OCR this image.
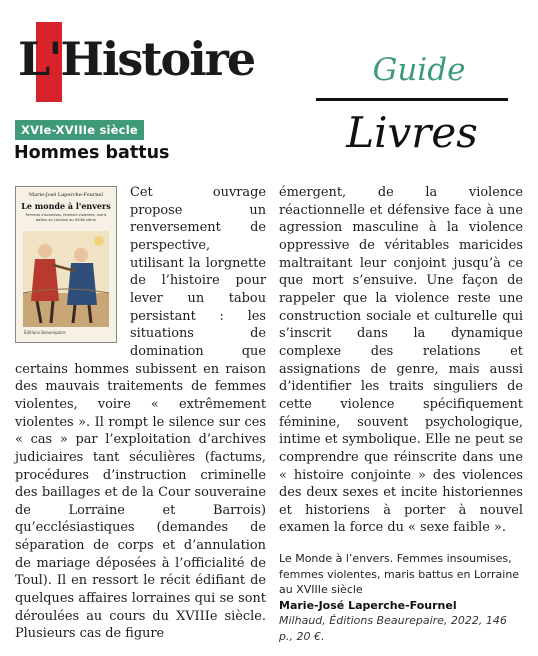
L'Histoire	Guide
Livres
XVIe-XVIIIe siècle
Hommes battus
Marie-José Laperche-Fournel
Le monde à l'envers
Femmes insoumises, femmes violentes, maris battus en Lorraine au XVIIIe siècle
Éditions Beaurepaire

Cet ouvrage propose un renversement de perspective, utilisant la lorgnette de l’histoire pour lever un tabou persistant : les situations de domination que certains hommes subissent en raison des mauvais traitements de femmes violentes, voire « extrêmement violentes ». Il rompt le silence sur ces « cas » par l’exploitation d’archives judiciaires tant séculières (factums, procédures d’instruction criminelle des baillages et de la Cour souveraine de Lorraine et Barrois) qu’ecclésiastiques (demandes de séparation de corps et d’annulation de mariage déposées à l’officialité de Toul). Il en ressort le récit édifiant de quelques affaires lorraines qui se sont déroulées au cours du XVIIIe siècle. Plusieurs cas de figure

émergent, de la violence réactionnelle et défensive face à une agression masculine à la violence oppressive de véritables maricides maltraitant leur conjoint jusqu’à ce que mort s’ensuive. Une façon de rappeler que la violence reste une construction sociale et culturelle qui s’inscrit dans la dynamique complexe des relations et assignations de genre, mais aussi d’identifier les traits singuliers de cette violence spécifiquement féminine, souvent psychologique, intime et symbolique. Elle ne peut se comprendre que réinscrite dans une « histoire conjointe » des violences des deux sexes et incite historiennes et historiens à porter à nouvel examen la force du « sexe faible ».

Le Monde à l’envers. Femmes insoumises, femmes violentes, maris battus en Lorraine au XVIIIe siècle
Marie-José Laperche-Fournel
Milhaud, Éditions Beaurepaire, 2022, 146 p., 20 €.
